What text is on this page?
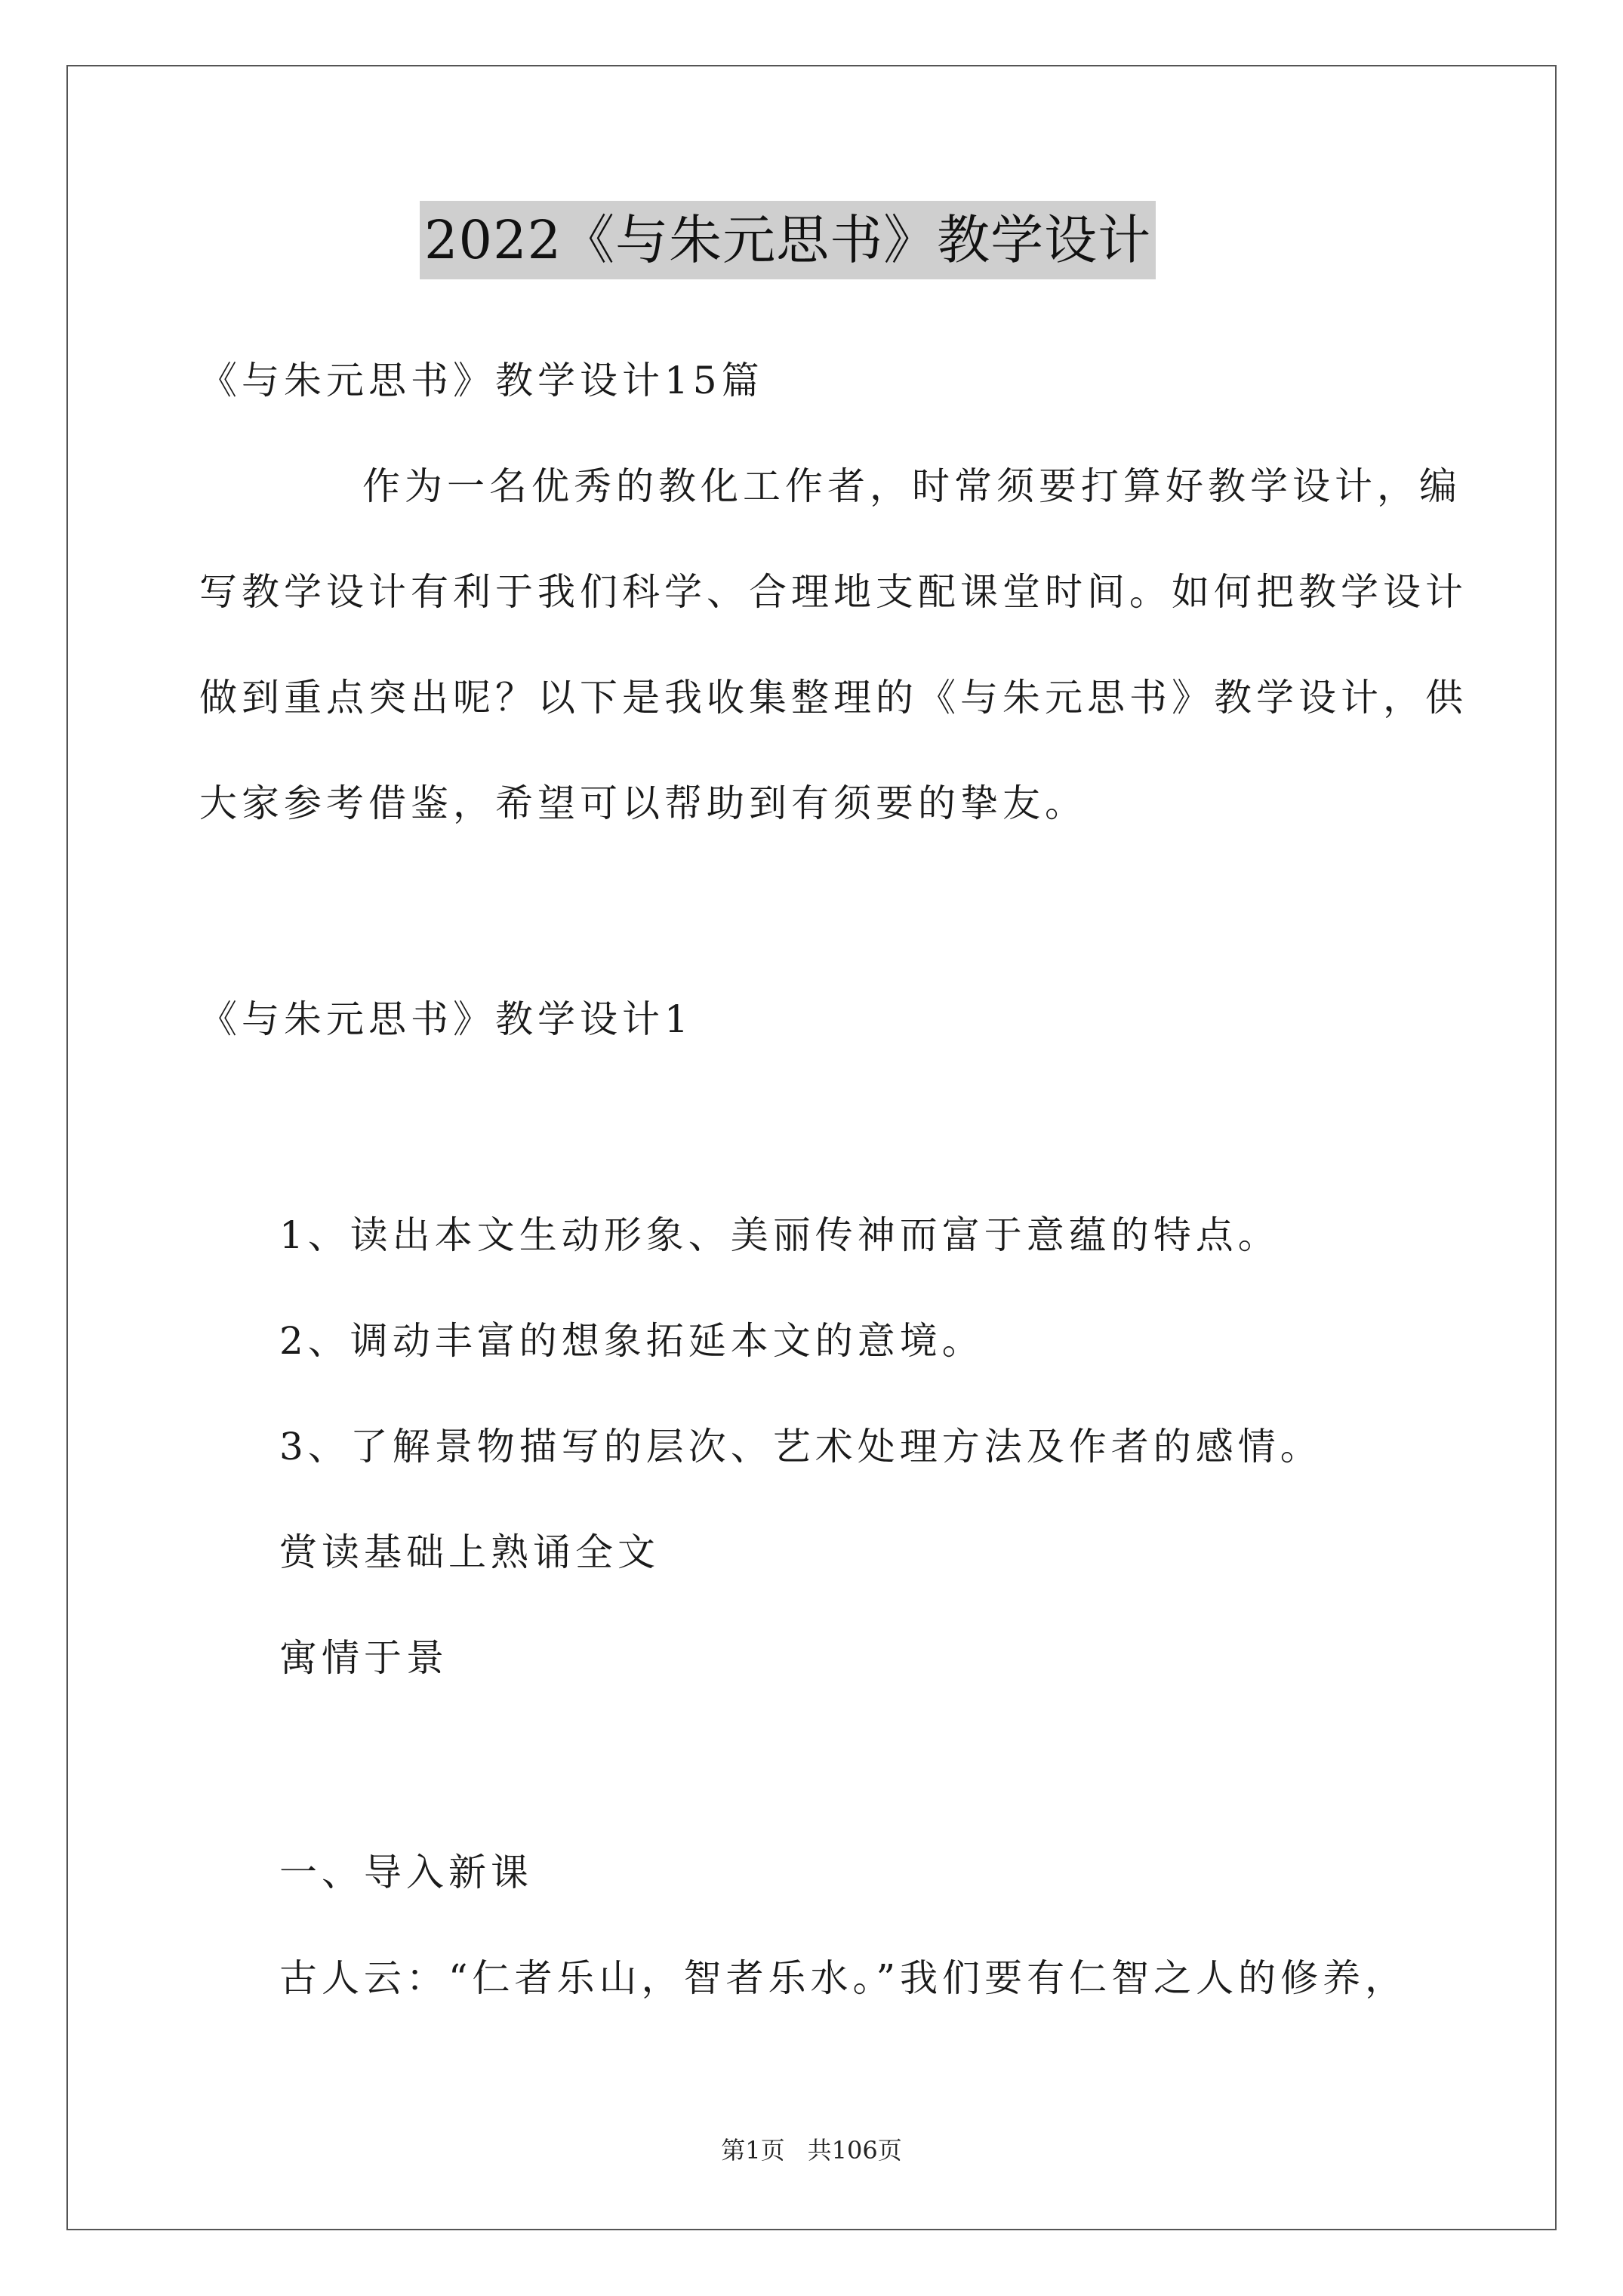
2022《与朱元思书》教学设计
《与朱元思书》教学设计15篇
作为一名优秀的教化工作者，时常须要打算好教学设计，编
写教学设计有利于我们科学、合理地支配课堂时间。如何把教学设计
做到重点突出呢？以下是我收集整理的《与朱元思书》教学设计，供
大家参考借鉴，希望可以帮助到有须要的挚友。
《与朱元思书》教学设计1
1、读出本文生动形象、美丽传神而富于意蕴的特点。
2、调动丰富的想象拓延本文的意境。
3、了解景物描写的层次、艺术处理方法及作者的感情。
赏读基础上熟诵全文
寓情于景
一、导入新课
古人云：“仁者乐山，智者乐水。”我们要有仁智之人的修养，
第1页 共106页
